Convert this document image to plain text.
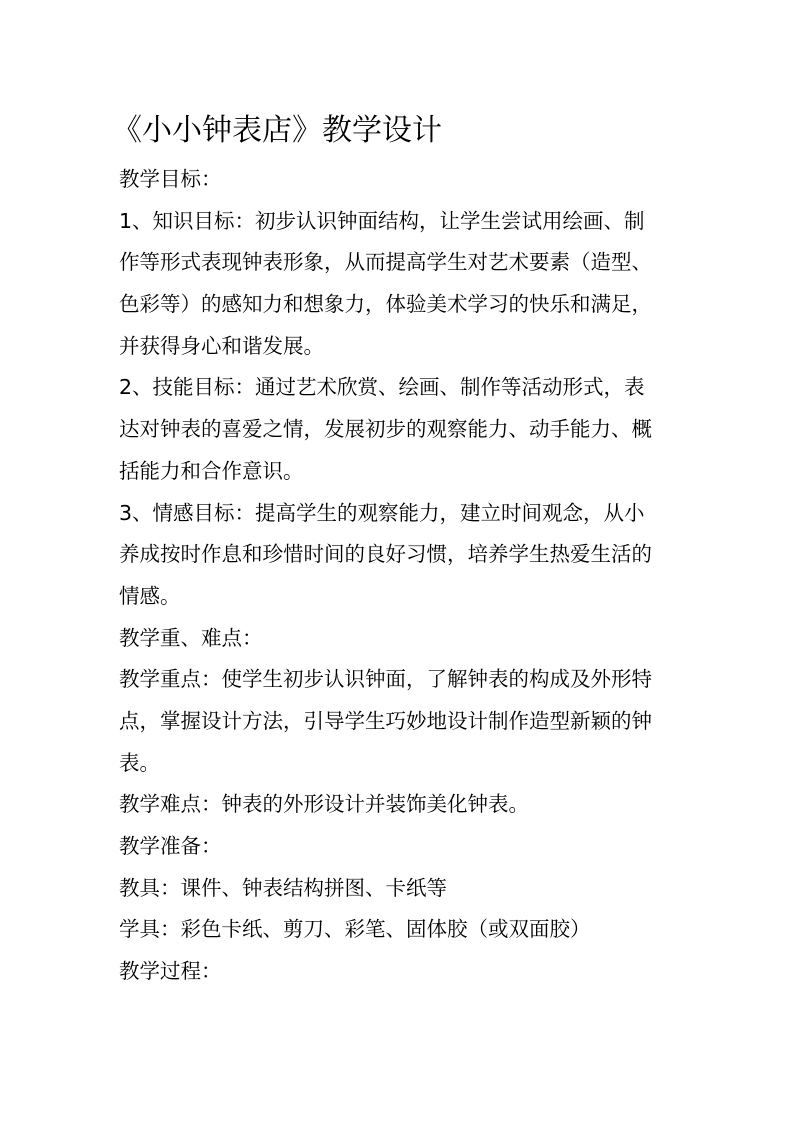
《小小钟表店》教学设计
教学目标：
1、知识目标：初步认识钟面结构，让学生尝试用绘画、制
作等形式表现钟表形象，从而提高学生对艺术要素（造型、
色彩等）的感知力和想象力，体验美术学习的快乐和满足，
并获得身心和谐发展。
2、技能目标：通过艺术欣赏、绘画、制作等活动形式，表
达对钟表的喜爱之情，发展初步的观察能力、动手能力、概
括能力和合作意识。
3、情感目标：提高学生的观察能力，建立时间观念，从小
养成按时作息和珍惜时间的良好习惯，培养学生热爱生活的
情感。
教学重、难点：
教学重点：使学生初步认识钟面，了解钟表的构成及外形特
点，掌握设计方法，引导学生巧妙地设计制作造型新颖的钟
表。
教学难点：钟表的外形设计并装饰美化钟表。
教学准备：
教具：课件、钟表结构拼图、卡纸等
学具：彩色卡纸、剪刀、彩笔、固体胶（或双面胶）
教学过程：
